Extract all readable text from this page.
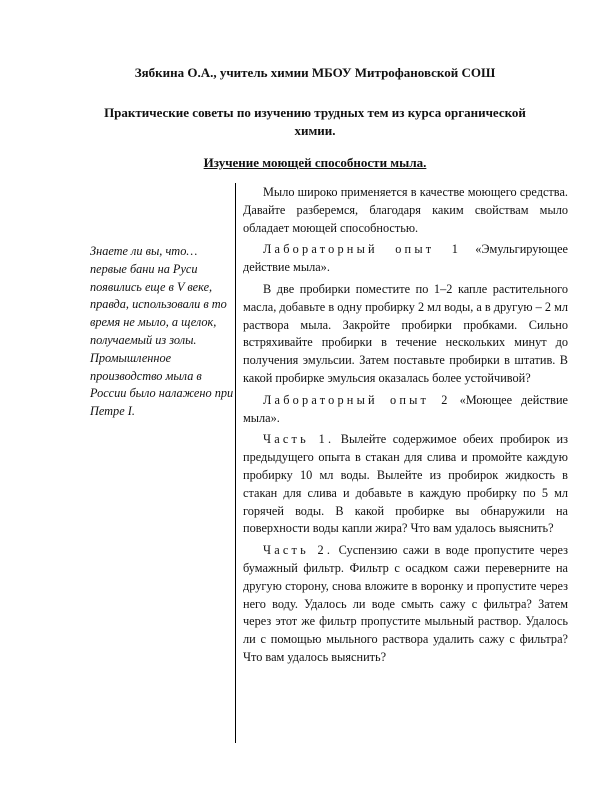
Зябкина О.А., учитель химии МБОУ Митрофановской СОШ

Практические советы по изучению трудных тем из курса органической химии.

Изучение моющей способности мыла.

Знаете ли вы, что… первые бани на Руси появились еще в V веке, правда, использовали в то время не мыло, а щелок, получаемый из золы.

Промышленное производство мыла в России было налажено при Петре I.

Мыло широко применяется в качестве моющего средства. Давайте разберемся, благодаря каким свойствам мыло обладает моющей способностью.

Лабораторный опыт 1 «Эмульгирующее действие мыла».

В две пробирки поместите по 1–2 капле растительного масла, добавьте в одну пробирку 2 мл воды, а в другую – 2 мл раствора мыла. Закройте пробирки пробками. Сильно встряхивайте пробирки в течение нескольких минут до получения эмульсии. Затем поставьте пробирки в штатив. В какой пробирке эмульсия оказалась более устойчивой?

Лабораторный опыт 2 «Моющее действие мыла».

Часть 1. Вылейте содержимое обеих пробирок из предыдущего опыта в стакан для слива и промойте каждую пробирку 10 мл воды. Вылейте из пробирок жидкость в стакан для слива и добавьте в каждую пробирку по 5 мл горячей воды. В какой пробирке вы обнаружили на поверхности воды капли жира? Что вам удалось выяснить?

Часть 2. Суспензию сажи в воде пропустите через бумажный фильтр. Фильтр с осадком сажи переверните на другую сторону, снова вложите в воронку и пропустите через него воду. Удалось ли воде смыть сажу с фильтра? Затем через этот же фильтр пропустите мыльный раствор. Удалось ли с помощью мыльного раствора удалить сажу с фильтра? Что вам удалось выяснить?
